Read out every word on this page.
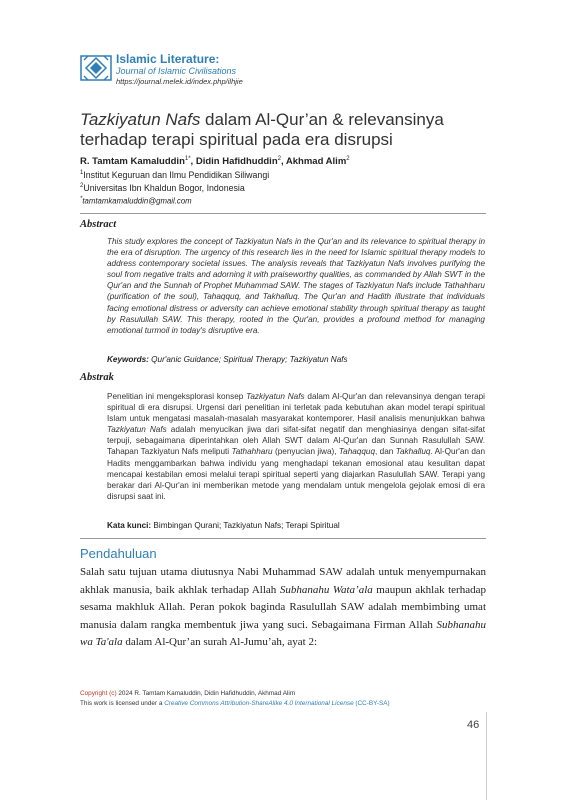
Islamic Literature:
Journal of Islamic Civilisations
https://journal.melek.id/index.php/ilhjie
Tazkiyatun Nafs dalam Al-Qur’an & relevansinya terhadap terapi spiritual pada era disrupsi
R. Tamtam Kamaluddin$^{1*}$, Didin Hafidhuddin$^2$, Akhmad Alim$^2$
$^1$Institut Keguruan dan Ilmu Pendidikan Siliwangi
$^2$Universitas Ibn Khaldun Bogor, Indonesia
*tamtamkamaluddin@gmail.com
Abstract
This study explores the concept of Tazkiyatun Nafs in the Qur'an and its relevance to spiritual therapy in the era of disruption. The urgency of this research lies in the need for Islamic spiritual therapy models to address contemporary societal issues. The analysis reveals that Tazkiyatun Nafs involves purifying the soul from negative traits and adorning it with praiseworthy qualities, as commanded by Allah SWT in the Qur'an and the Sunnah of Prophet Muhammad SAW. The stages of Tazkiyatun Nafs include Tathahharu (purification of the soul), Tahaqquq, and Takhalluq. The Qur'an and Hadith illustrate that individuals facing emotional distress or adversity can achieve emotional stability through spiritual therapy as taught by Rasulullah SAW. This therapy, rooted in the Qur'an, provides a profound method for managing emotional turmoil in today's disruptive era.
Keywords: Qur'anic Guidance; Spiritual Therapy; Tazkiyatun Nafs
Abstrak
Penelitian ini mengeksplorasi konsep Tazkiyatun Nafs dalam Al-Qur'an dan relevansinya dengan terapi spiritual di era disrupsi. Urgensi dari penelitian ini terletak pada kebutuhan akan model terapi spiritual Islam untuk mengatasi masalah-masalah masyarakat kontemporer. Hasil analisis menunjukkan bahwa Tazkiyatun Nafs adalah menyucikan jiwa dari sifat-sifat negatif dan menghiasinya dengan sifat-sifat terpuji, sebagaimana diperintahkan oleh Allah SWT dalam Al-Qur'an dan Sunnah Rasulullah SAW. Tahapan Tazkiyatun Nafs meliputi Tathahharu (penyucian jiwa), Tahaqquq, dan Takhalluq. Al-Qur'an dan Hadits menggambarkan bahwa individu yang menghadapi tekanan emosional atau kesulitan dapat mencapai kestabilan emosi melalui terapi spiritual seperti yang diajarkan Rasulullah SAW. Terapi yang berakar dari Al-Qur'an ini memberikan metode yang mendalam untuk mengelola gejolak emosi di era disrupsi saat ini.
Kata kunci: Bimbingan Qurani; Tazkiyatun Nafs; Terapi Spiritual
Pendahuluan
Salah satu tujuan utama diutusnya Nabi Muhammad SAW adalah untuk menyempurnakan akhlak manusia, baik akhlak terhadap Allah Subhanahu Wata’ala maupun akhlak terhadap sesama makhluk Allah. Peran pokok baginda Rasulullah SAW adalah membimbing umat manusia dalam rangka membentuk jiwa yang suci. Sebagaimana Firman Allah Subhanahu wa Ta'ala dalam Al-Qur’an surah Al-Jumu’ah, ayat 2:
Copyright (c) 2024 R. Tamtam Kamaluddin, Didin Hafidhuddin, Akhmad Alim
This work is licensed under a Creative Commons Attribution-ShareAlike 4.0 International License (CC-BY-SA)
46
